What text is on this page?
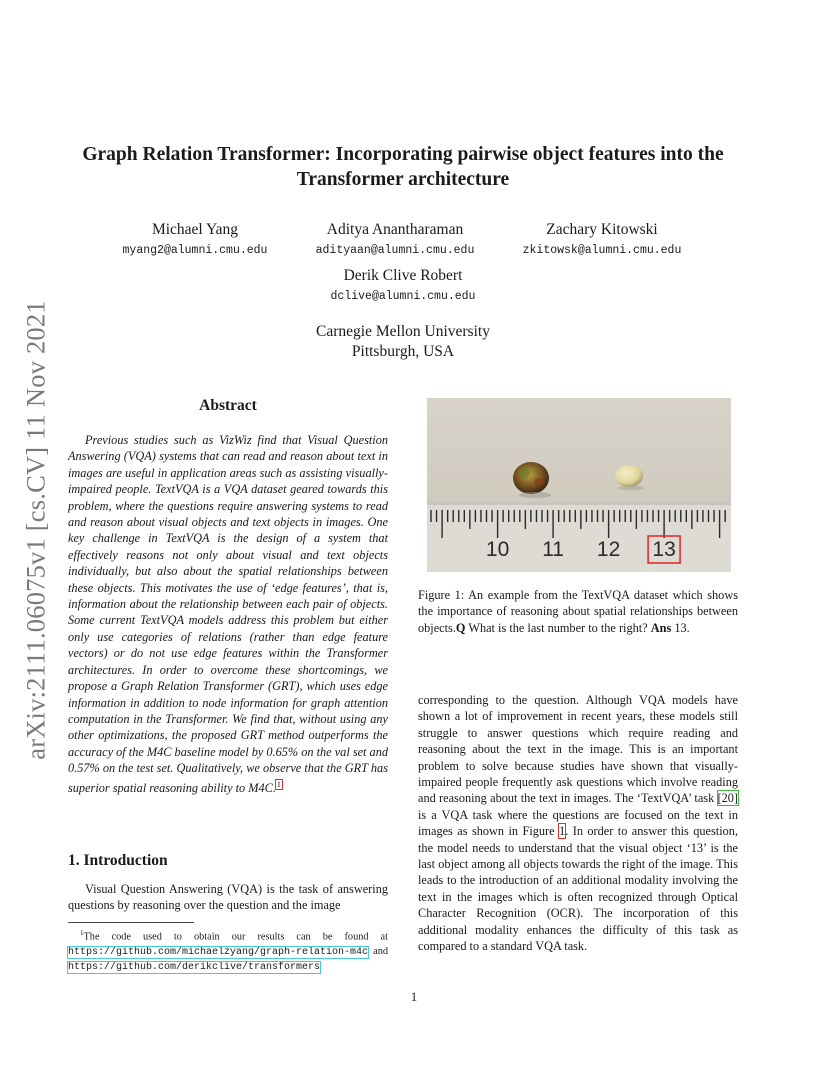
arXiv:2111.06075v1 [cs.CV] 11 Nov 2021
Graph Relation Transformer: Incorporating pairwise object features into the
Transformer architecture
Michael Yang
myang2@alumni.cmu.edu
Aditya Anantharaman
adityaan@alumni.cmu.edu
Zachary Kitowski
zkitowsk@alumni.cmu.edu
Derik Clive Robert
dclive@alumni.cmu.edu
Carnegie Mellon University
Pittsburgh, USA
Abstract

Previous studies such as VizWiz find that Visual Question Answering (VQA) systems that can read and reason about text in images are useful in application areas such as assisting visually-impaired people. TextVQA is a VQA dataset geared towards this problem, where the questions require answering systems to read and reason about visual objects and text objects in images. One key challenge in TextVQA is the design of a system that effectively reasons not only about visual and text objects individually, but also about the spatial relationships between these objects. This motivates the use of ‘edge features’, that is, information about the relationship between each pair of objects. Some current TextVQA models address this problem but either only use categories of relations (rather than edge feature vectors) or do not use edge features within the Transformer architectures. In order to overcome these shortcomings, we propose a Graph Relation Transformer (GRT), which uses edge information in addition to node information for graph attention computation in the Transformer. We find that, without using any other optimizations, the proposed GRT method outperforms the accuracy of the M4C baseline model by 0.65% on the val set and 0.57% on the test set. Qualitatively, we observe that the GRT has superior spatial reasoning ability to M4C.$^1$

1. Introduction

Visual Question Answering (VQA) is the task of answering questions by reasoning over the question and the image

$^1$The code used to obtain our results can be found at https://github.com/michaelzyang/graph-relation-m4c and https://github.com/derikclive/transformers

10 11 12 13

Figure 1: An example from the TextVQA dataset which shows the importance of reasoning about spatial relationships between objects.Q What is the last number to the right? Ans 13.

corresponding to the question. Although VQA models have shown a lot of improvement in recent years, these models still struggle to answer questions which require reading and reasoning about the text in the image. This is an important problem to solve because studies have shown that visually-impaired people frequently ask questions which involve reading and reasoning about the text in images. The ‘TextVQA’ task [20] is a VQA task where the questions are focused on the text in images as shown in Figure 1. In order to answer this question, the model needs to understand that the visual object ‘13’ is the last object among all objects towards the right of the image. This leads to the introduction of an additional modality involving the text in the images which is often recognized through Optical Character Recognition (OCR). The incorporation of this additional modality enhances the difficulty of this task as compared to a standard VQA task.

1
